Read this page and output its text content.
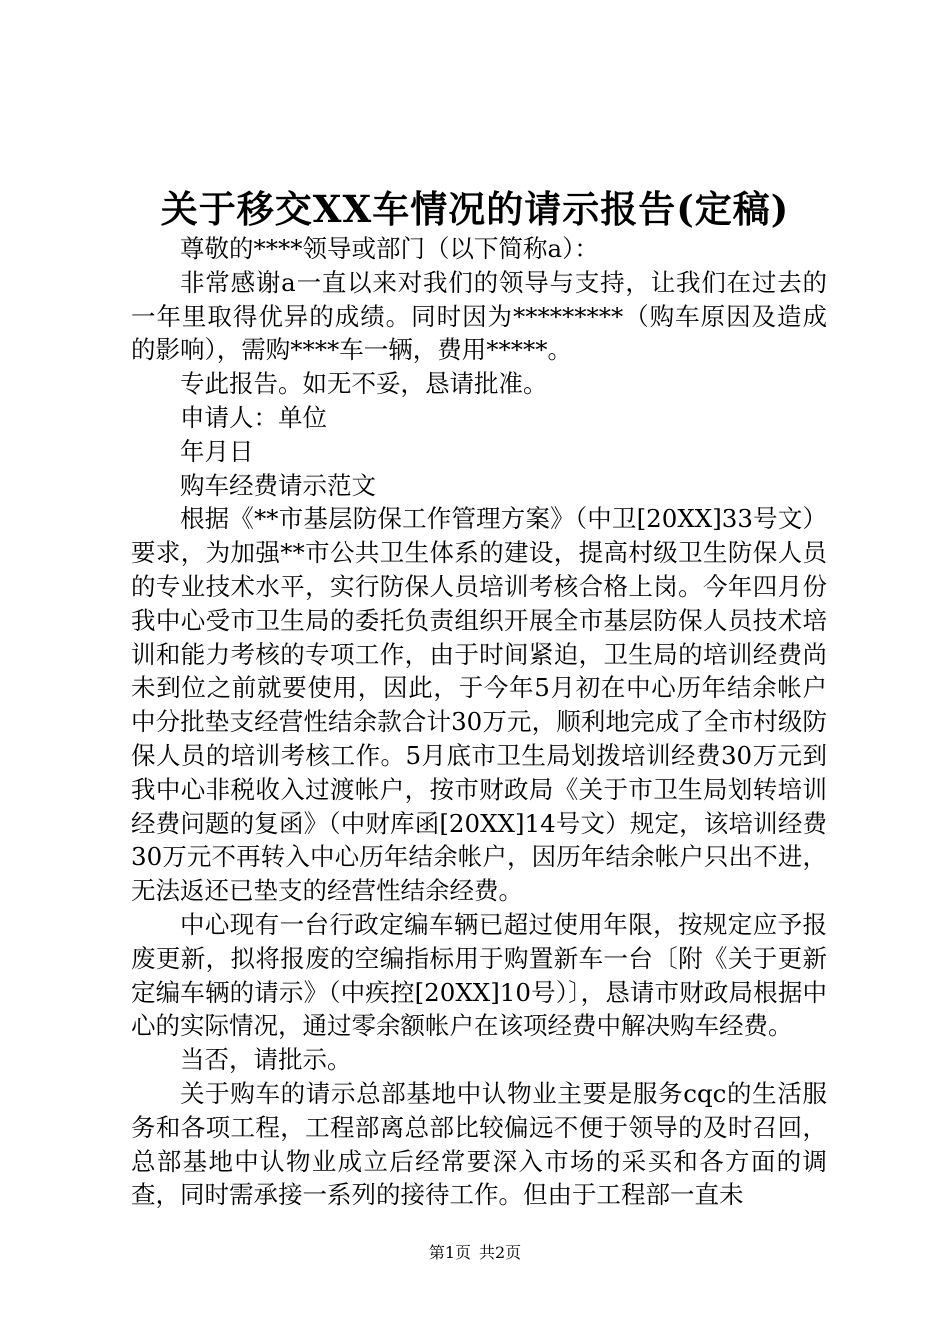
关于移交XX车情况的请示报告(定稿)

尊敬的****领导或部门（以下简称a）：

非常感谢a一直以来对我们的领导与支持，让我们在过去的一年里取得优异的成绩。同时因为*********（购车原因及造成的影响），需购****车一辆，费用*****。

专此报告。如无不妥，恳请批准。

申请人：单位

年月日

购车经费请示范文

根据《**市基层防保工作管理方案》（中卫[20XX]33号文）要求，为加强**市公共卫生体系的建设，提高村级卫生防保人员的专业技术水平，实行防保人员培训考核合格上岗。今年四月份我中心受市卫生局的委托负责组织开展全市基层防保人员技术培训和能力考核的专项工作，由于时间紧迫，卫生局的培训经费尚未到位之前就要使用，因此，于今年5月初在中心历年结余帐户中分批垫支经营性结余款合计30万元，顺利地完成了全市村级防保人员的培训考核工作。5月底市卫生局划拨培训经费30万元到我中心非税收入过渡帐户，按市财政局《关于市卫生局划转培训经费问题的复函》（中财库函[20XX]14号文）规定，该培训经费30万元不再转入中心历年结余帐户，因历年结余帐户只出不进，无法返还已垫支的经营性结余经费。

中心现有一台行政定编车辆已超过使用年限，按规定应予报废更新，拟将报废的空编指标用于购置新车一台〔附《关于更新定编车辆的请示》（中疾控[20XX]10号）〕，恳请市财政局根据中心的实际情况，通过零余额帐户在该项经费中解决购车经费。

当否，请批示。

关于购车的请示总部基地中认物业主要是服务cqc的生活服务和各项工程，工程部离总部比较偏远不便于领导的及时召回，总部基地中认物业成立后经常要深入市场的采买和各方面的调查，同时需承接一系列的接待工作。但由于工程部一直未

第1页 共2页
